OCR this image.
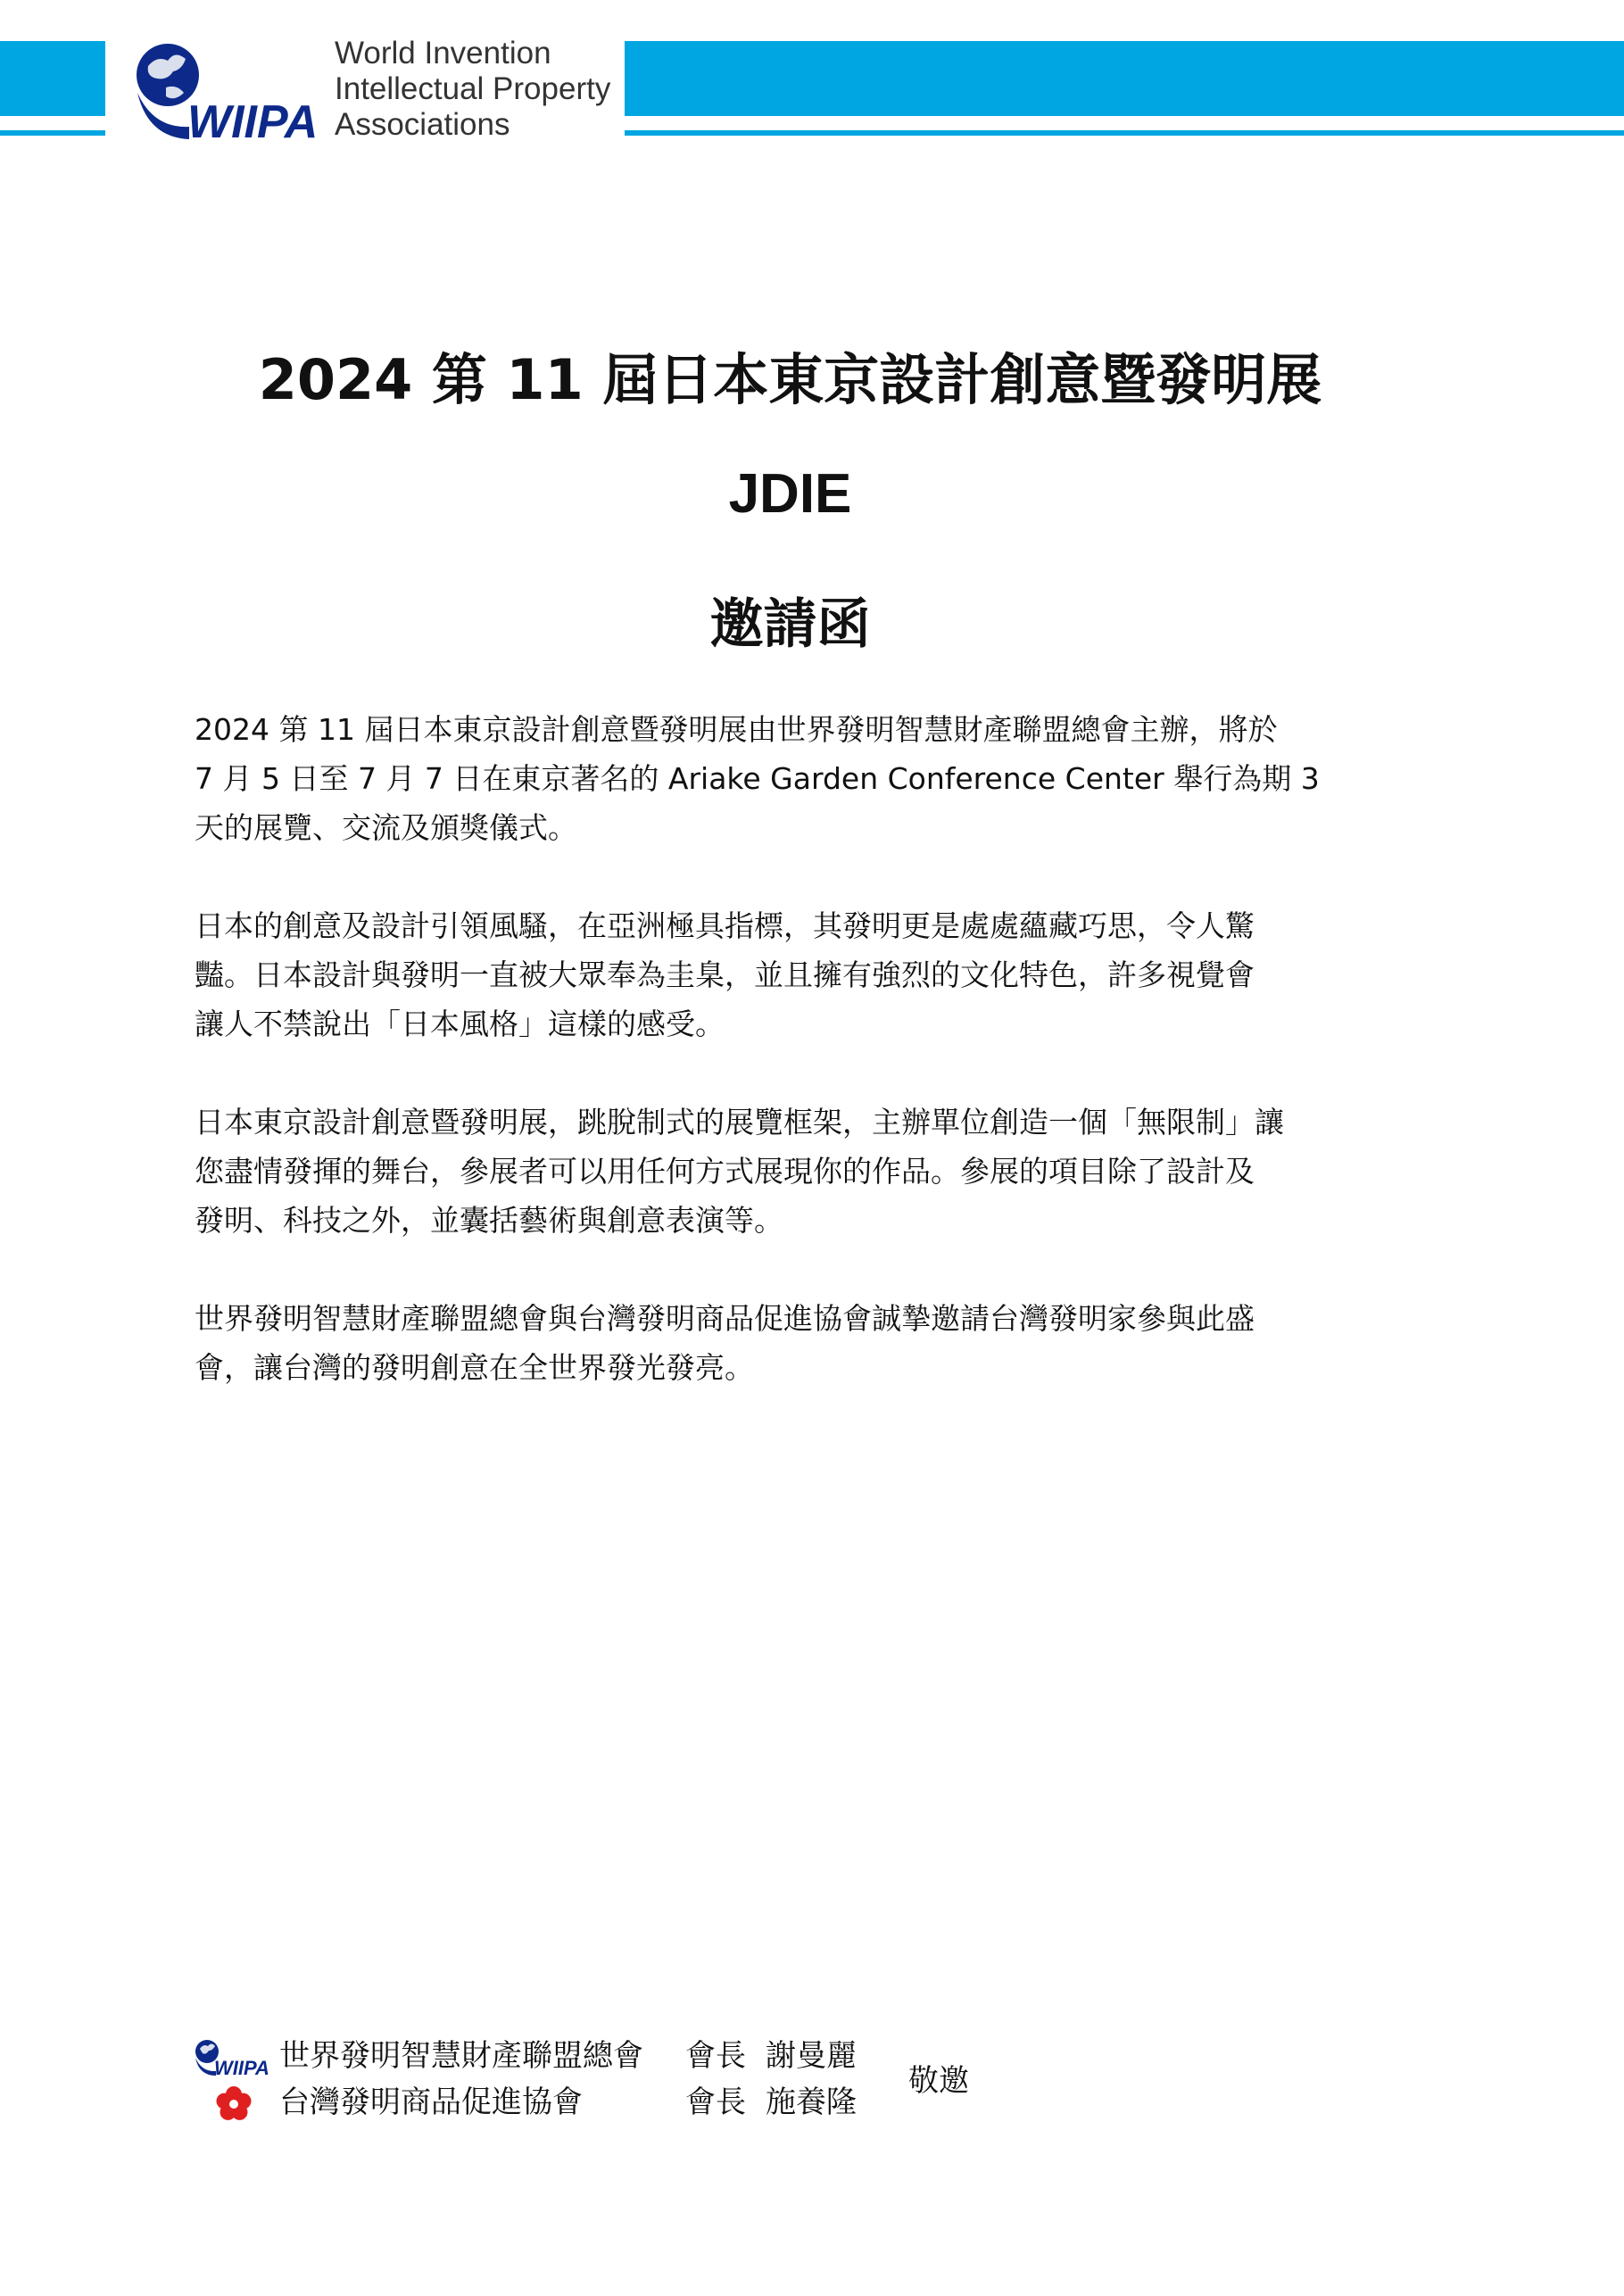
WIIPA
World Invention
Intellectual Property
Associations
2024 第 11 屆日本東京設計創意暨發明展
JDIE
邀請函
2024 第 11 屆日本東京設計創意暨發明展由世界發明智慧財產聯盟總會主辦，將於
7 月 5 日至 7 月 7 日在東京著名的 Ariake Garden Conference Center 舉行為期 3
天的展覽、交流及頒獎儀式。
日本的創意及設計引領風騷，在亞洲極具指標，其發明更是處處蘊藏巧思，令人驚
豔。日本設計與發明一直被大眾奉為圭臬，並且擁有強烈的文化特色，許多視覺會
讓人不禁說出「日本風格」這樣的感受。
日本東京設計創意暨發明展，跳脫制式的展覽框架，主辦單位創造一個「無限制」讓
您盡情發揮的舞台，參展者可以用任何方式展現你的作品。參展的項目除了設計及
發明、科技之外，並囊括藝術與創意表演等。
世界發明智慧財產聯盟總會與台灣發明商品促進協會誠摯邀請台灣發明家參與此盛
會，讓台灣的發明創意在全世界發光發亮。
WIIPA 世界發明智慧財產聯盟總會 會長 謝曼麗
台灣發明商品促進協會	會長 施養隆
敬邀
